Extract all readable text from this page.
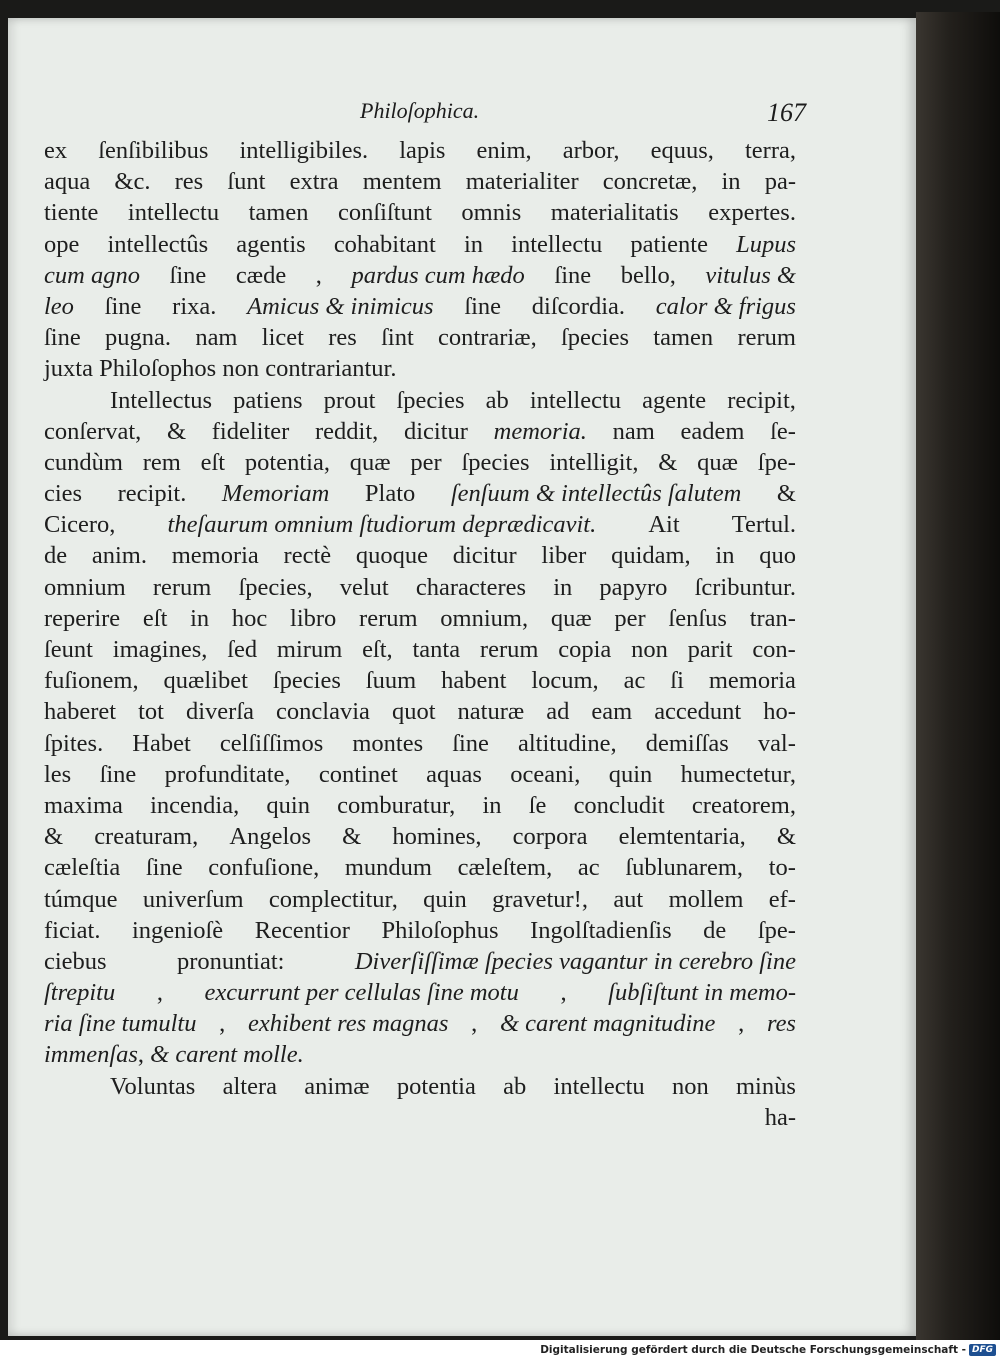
Philoſophica.	167
ex ſenſibilibus intelligibiles. lapis enim, arbor, equus, terra,
aqua &c. res ſunt extra mentem materialiter concretæ, in pa-
tiente intellectu tamen conſiſtunt omnis materialitatis expertes.
ope intellectûs agentis cohabitant in intellectu patiente Lupus
cum agno ſine cæde , pardus cum hædo ſine bello, vitulus &
leo ſine rixa. Amicus & inimicus ſine diſcordia. calor & frigus
ſine pugna. nam licet res ſint contrariæ, ſpecies tamen rerum
juxta Philoſophos non contrariantur.
Intellectus patiens prout ſpecies ab intellectu agente recipit,
conſervat, & fideliter reddit, dicitur memoria. nam eadem ſe-
cundùm rem eſt potentia, quæ per ſpecies intelligit, & quæ ſpe-
cies recipit. Memoriam Plato ſenſuum & intellectûs ſalutem &
Cicero, theſaurum omnium ſtudiorum deprædicavit. Ait Tertul.
de anim. memoria rectè quoque dicitur liber quidam, in quo
omnium rerum ſpecies, velut characteres in papyro ſcribuntur.
reperire eſt in hoc libro rerum omnium, quæ per ſenſus tran-
ſeunt imagines, ſed mirum eſt, tanta rerum copia non parit con-
fuſionem, quælibet ſpecies ſuum habent locum, ac ſi memoria
haberet tot diverſa conclavia quot naturæ ad eam accedunt ho-
ſpites. Habet celſiſſimos montes ſine altitudine, demiſſas val-
les ſine profunditate, continet aquas oceani, quin humectetur,
maxima incendia, quin comburatur, in ſe concludit creatorem,
& creaturam, Angelos & homines, corpora elemtentaria, &
cæleſtia ſine confuſione, mundum cæleſtem, ac ſublunarem, to-
túmque univerſum complectitur, quin graveturǃ, aut mollem ef-
ficiat. ingenioſè Recentior Philoſophus Ingolſtadienſis de ſpe-
ciebus	pronuntiat:	Diverſiſſimæ ſpecies vagantur in cerebro ſine
ſtrepitu , excurrunt per cellulas ſine motu , ſubſiſtunt in memo-
ria ſine tumultu , exhibent res magnas , & carent magnitudine , res
immenſas , & carent molle.
Voluntas altera animæ potentia ab intellectu non minùs
ha-
Digitalisierung gefördert durch die Deutsche Forschungsgemeinschaft - DFG
